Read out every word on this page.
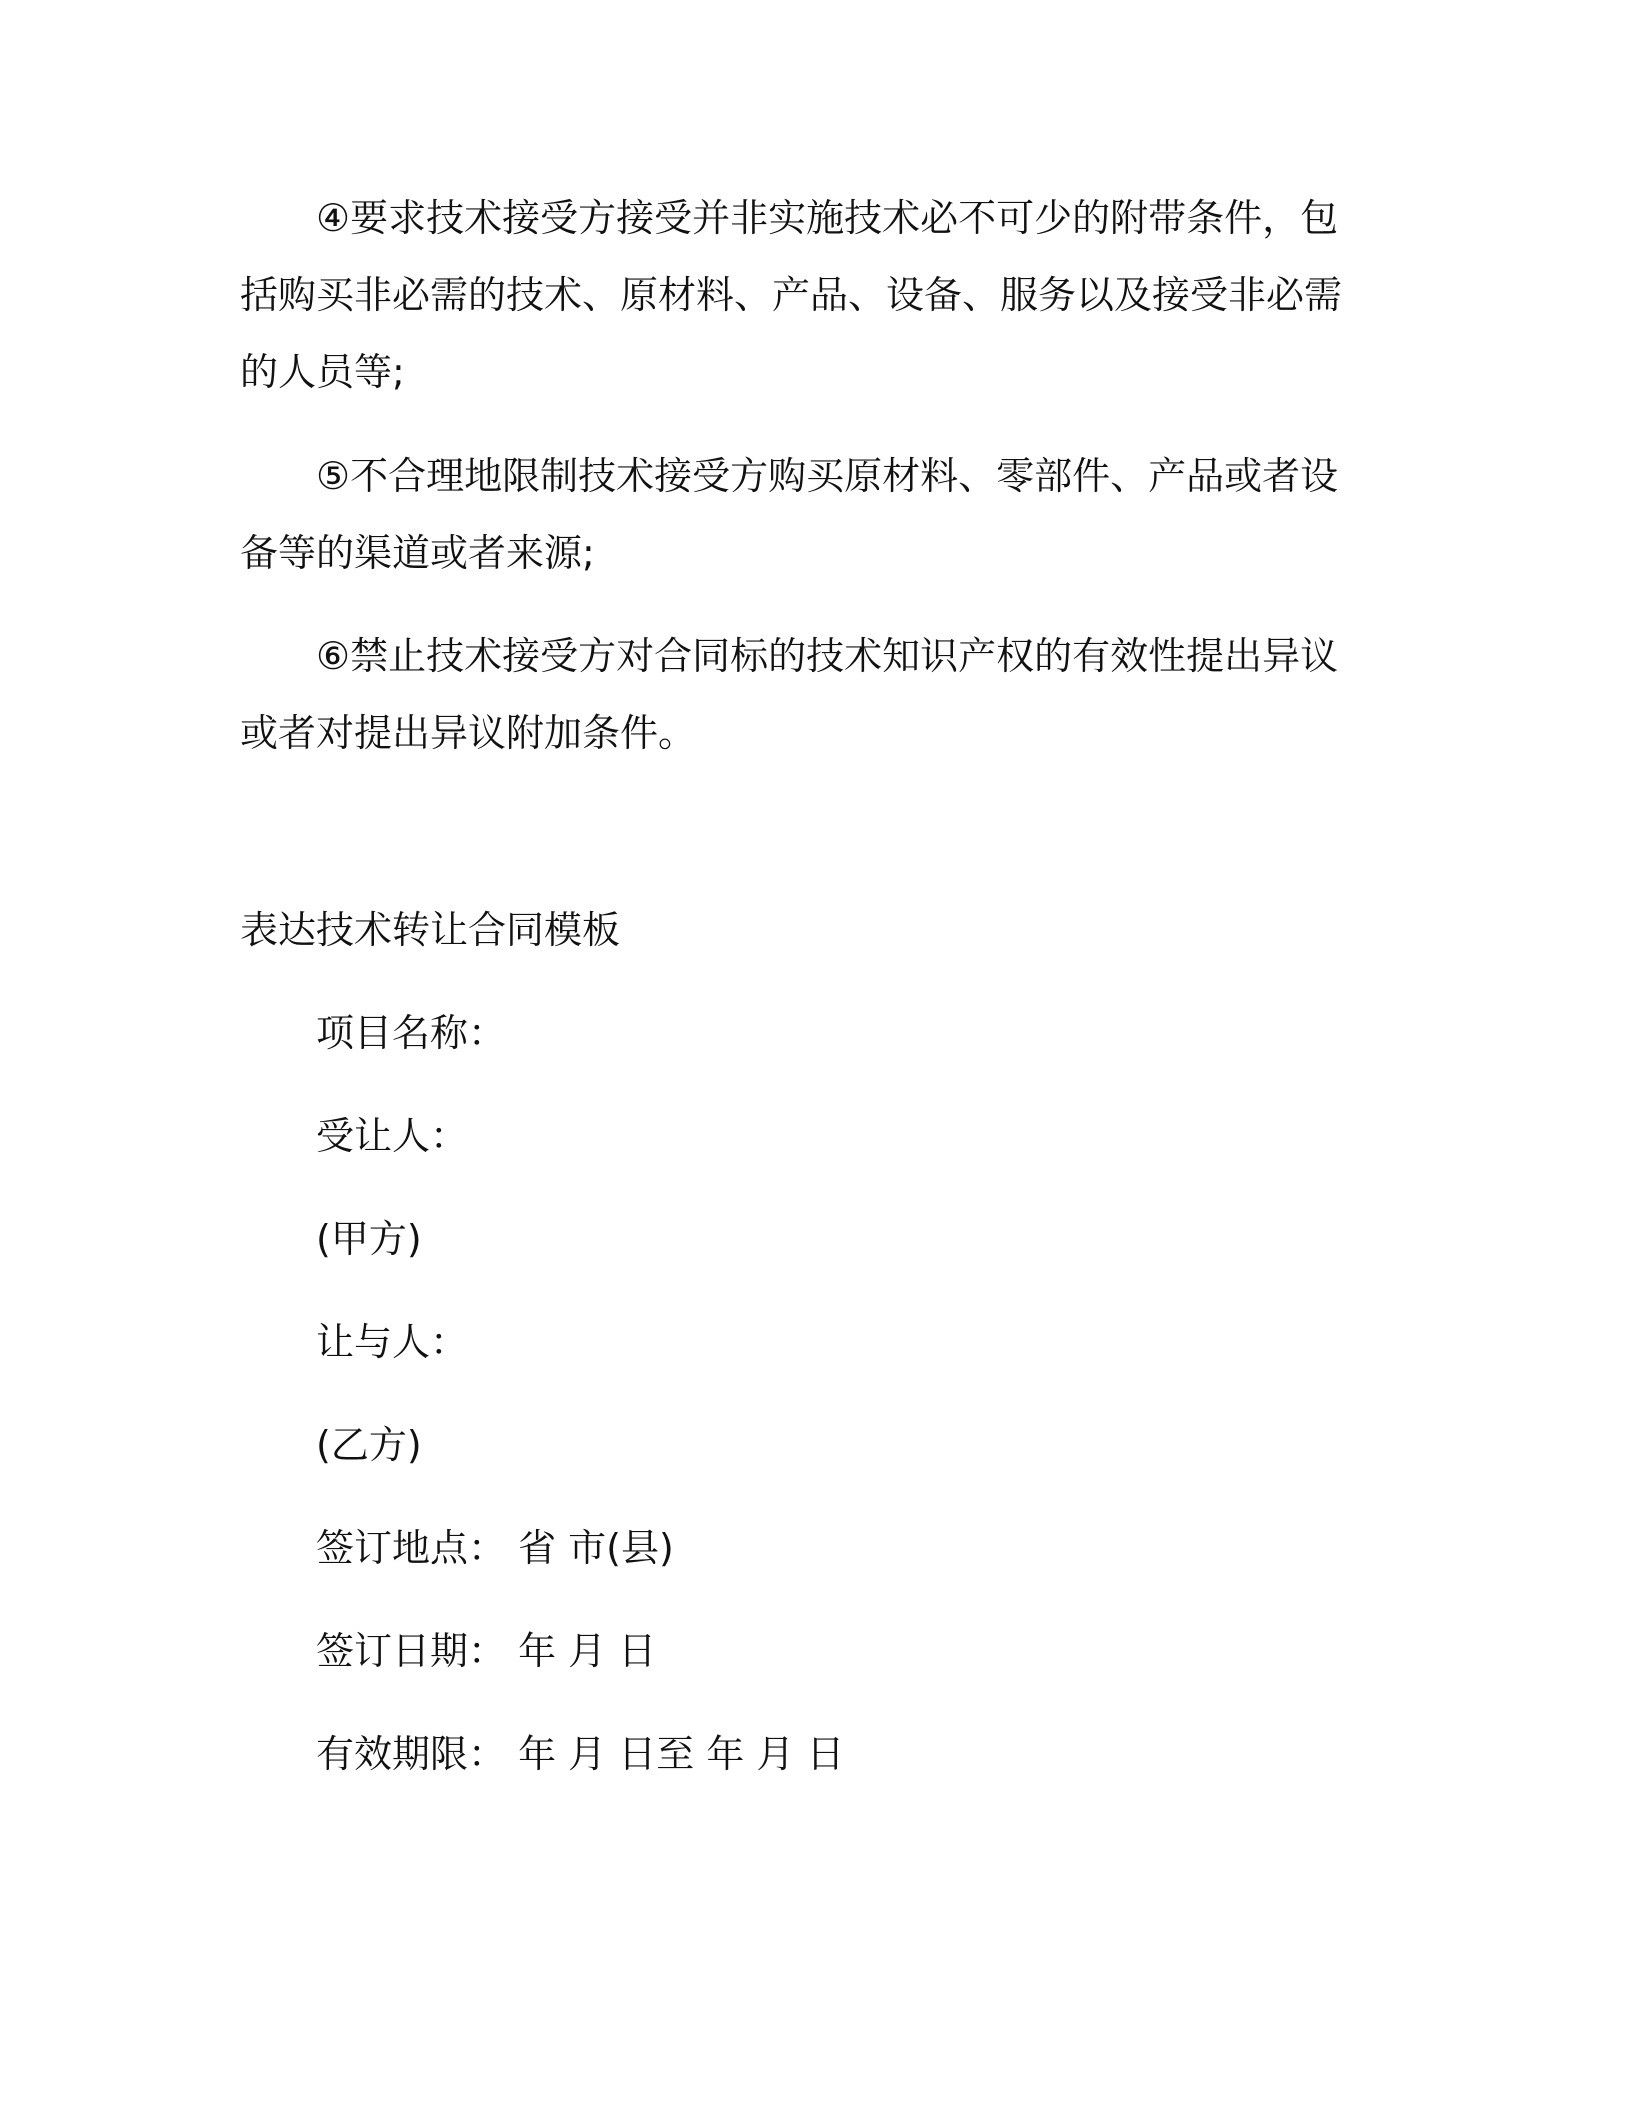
④要求技术接受方接受并非实施技术必不可少的附带条件，包括购买非必需的技术、原材料、产品、设备、服务以及接受非必需的人员等;

⑤不合理地限制技术接受方购买原材料、零部件、产品或者设备等的渠道或者来源;

⑥禁止技术接受方对合同标的技术知识产权的有效性提出异议或者对提出异议附加条件。

表达技术转让合同模板

项目名称：

受让人：

(甲方)

让与人：

(乙方)

签订地点： 省 市(县)

签订日期： 年 月 日

有效期限： 年 月 日至 年 月 日
